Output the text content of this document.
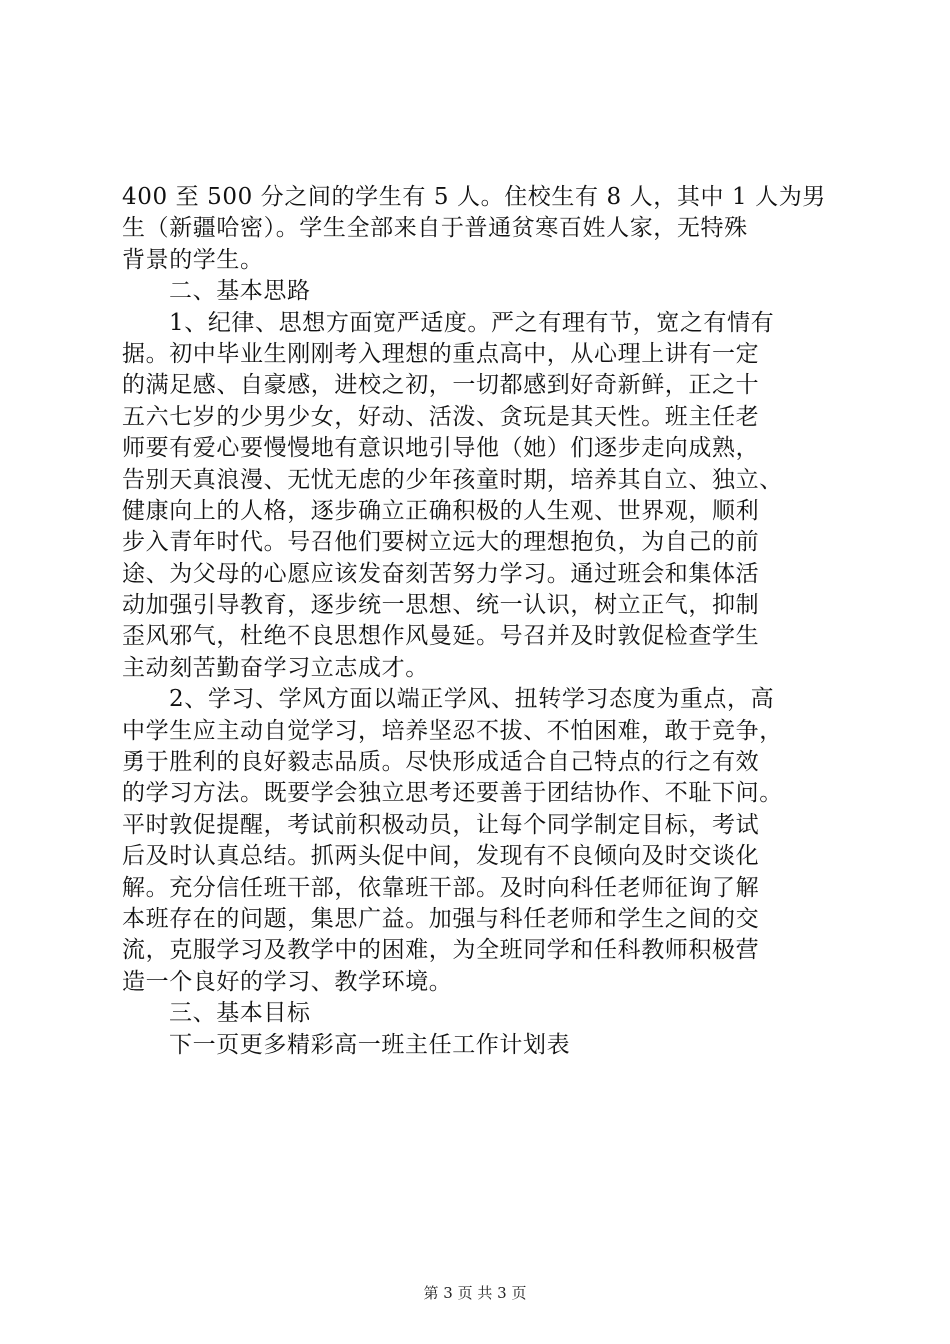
400 至 500 分之间的学生有 5 人。住校生有 8 人，其中 1 人为男
生（新疆哈密）。学生全部来自于普通贫寒百姓人家，无特殊
背景的学生。
二、基本思路
1、纪律、思想方面宽严适度。严之有理有节，宽之有情有
据。初中毕业生刚刚考入理想的重点高中，从心理上讲有一定
的满足感、自豪感，进校之初，一切都感到好奇新鲜，正之十
五六七岁的少男少女，好动、活泼、贪玩是其天性。班主任老
师要有爱心要慢慢地有意识地引导他（她）们逐步走向成熟，
告别天真浪漫、无忧无虑的少年孩童时期，培养其自立、独立、
健康向上的人格，逐步确立正确积极的人生观、世界观，顺利
步入青年时代。号召他们要树立远大的理想抱负，为自己的前
途、为父母的心愿应该发奋刻苦努力学习。通过班会和集体活
动加强引导教育，逐步统一思想、统一认识，树立正气，抑制
歪风邪气，杜绝不良思想作风曼延。号召并及时敦促检查学生
主动刻苦勤奋学习立志成才。
2、学习、学风方面以端正学风、扭转学习态度为重点，高
中学生应主动自觉学习，培养坚忍不拔、不怕困难，敢于竞争，
勇于胜利的良好毅志品质。尽快形成适合自己特点的行之有效
的学习方法。既要学会独立思考还要善于团结协作、不耻下问。
平时敦促提醒，考试前积极动员，让每个同学制定目标，考试
后及时认真总结。抓两头促中间，发现有不良倾向及时交谈化
解。充分信任班干部，依靠班干部。及时向科任老师征询了解
本班存在的问题，集思广益。加强与科任老师和学生之间的交
流，克服学习及教学中的困难，为全班同学和任科教师积极营
造一个良好的学习、教学环境。
三、基本目标
下一页更多精彩高一班主任工作计划表
第 3 页 共 3 页
